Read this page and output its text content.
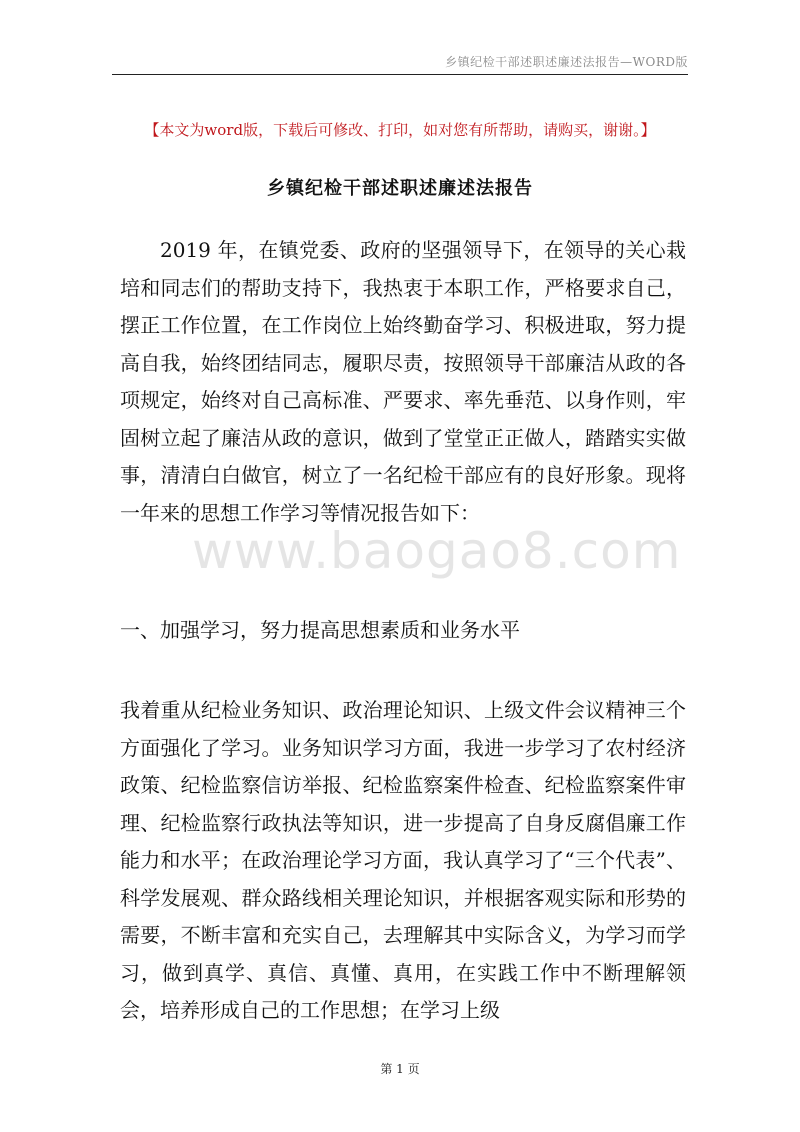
乡镇纪检干部述职述廉述法报告—WORD版
【本文为word版，下载后可修改、打印，如对您有所帮助，请购买，谢谢。】
乡镇纪检干部述职述廉述法报告
2019 年，在镇党委、政府的坚强领导下，在领导的关心栽培和同志们的帮助支持下，我热衷于本职工作，严格要求自己，摆正工作位置，在工作岗位上始终勤奋学习、积极进取，努力提高自我，始终团结同志，履职尽责，按照领导干部廉洁从政的各项规定，始终对自己高标准、严要求、率先垂范、以身作则，牢固树立起了廉洁从政的意识，做到了堂堂正正做人，踏踏实实做事，清清白白做官，树立了一名纪检干部应有的良好形象。现将一年来的思想工作学习等情况报告如下：
www.baogao8.com
一、加强学习，努力提高思想素质和业务水平
我着重从纪检业务知识、政治理论知识、上级文件会议精神三个方面强化了学习。业务知识学习方面，我进一步学习了农村经济政策、纪检监察信访举报、纪检监察案件检查、纪检监察案件审理、纪检监察行政执法等知识，进一步提高了自身反腐倡廉工作能力和水平；在政治理论学习方面，我认真学习了“三个代表”、科学发展观、群众路线相关理论知识，并根据客观实际和形势的需要，不断丰富和充实自己，去理解其中实际含义，为学习而学习，做到真学、真信、真懂、真用，在实践工作中不断理解领会，培养形成自己的工作思想；在学习上级
第 1 页
